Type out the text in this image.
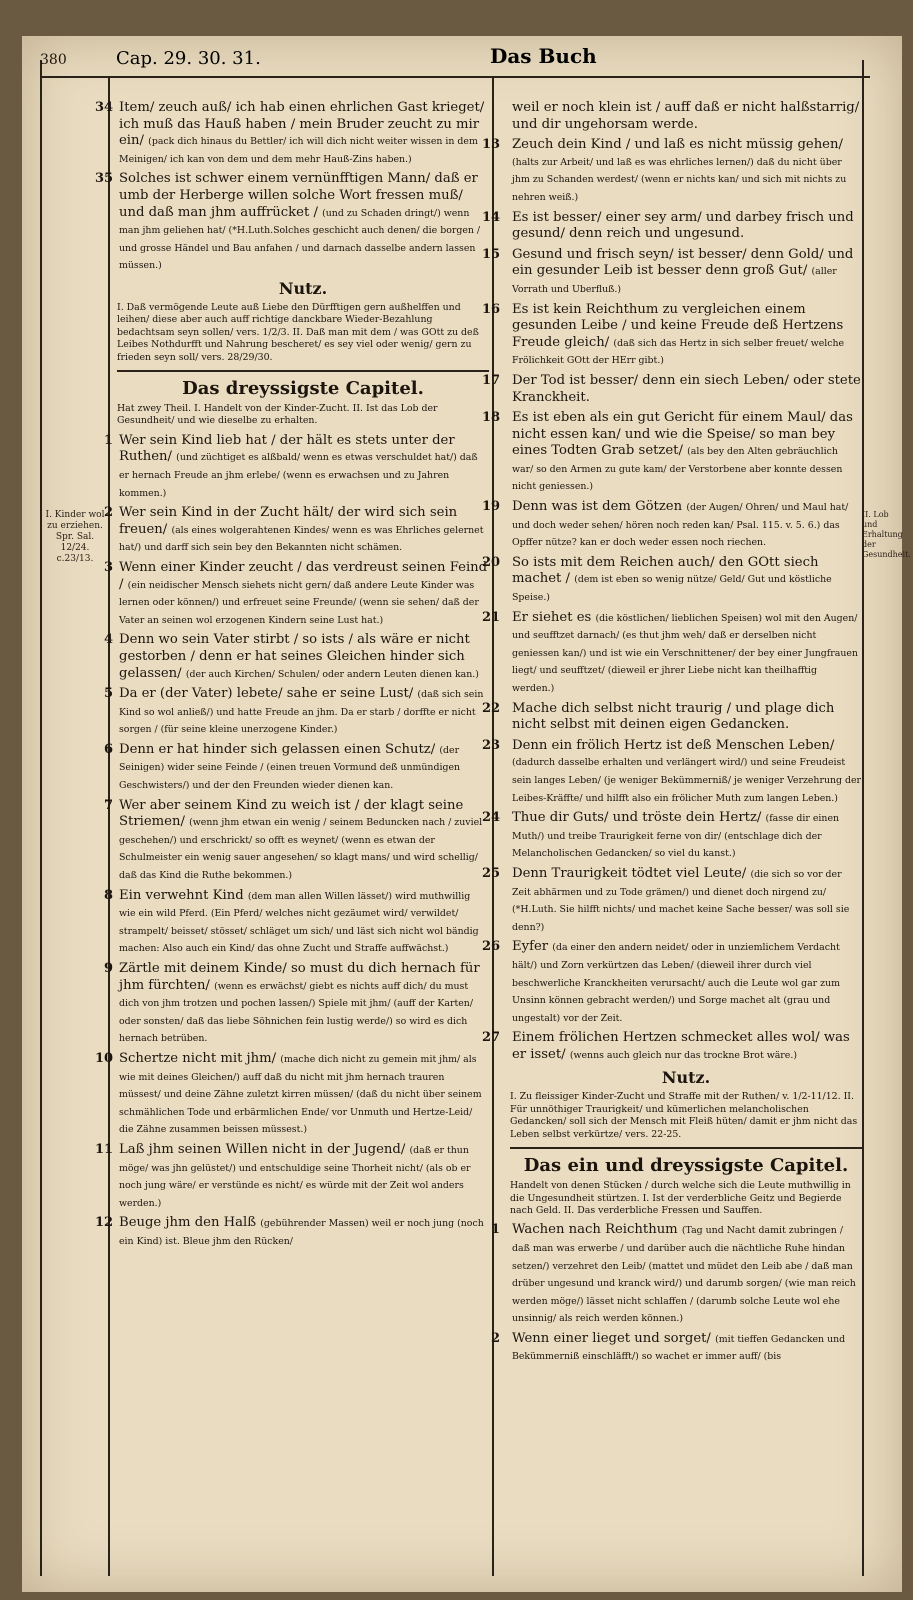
380	Cap. 29. 30. 31.	Das Buch
I. Kinder wol zu erziehen. Spr. Sal. 12/24. c.23/13.
II. Lob und Erhaltung der Gesundheit.
34 Item/ zeuch auß/ ich hab einen ehrlichen Gast krieget/ ich muß das Hauß haben / mein Bruder zeucht zu mir ein/ (pack dich hinaus du Bettler/ ich will dich nicht weiter wissen in dem Meinigen/ ich kan von dem und dem mehr Hauß-Zins haben.)
35 Solches ist schwer einem vernünfftigen Mann/ daß er umb der Herberge willen solche Wort fressen muß/ und daß man jhm auffrücket / (und zu Schaden dringt/) wenn man jhm geliehen hat/ (*H.Luth.Solches geschicht auch denen/ die borgen / und grosse Händel und Bau anfahen / und darnach dasselbe andern lassen müssen.)
Nutz.
I. Daß vermögende Leute auß Liebe den Dürfftigen gern außhelffen und leihen/ diese aber auch auff richtige danckbare Wieder-Bezahlung bedachtsam seyn sollen/ vers. 1/2/3. II. Daß man mit dem / was GOtt zu deß Leibes Nothdurfft und Nahrung bescheret/ es sey viel oder wenig/ gern zu frieden seyn soll/ vers. 28/29/30.
Das dreyssigste Capitel.
Hat zwey Theil. I. Handelt von der Kinder-Zucht. II. Ist das Lob der Gesundheit/ und wie dieselbe zu erhalten.
1 Wer sein Kind lieb hat / der hält es stets unter der Ruthen/ (und züchtiget es alßbald/ wenn es etwas verschuldet hat/) daß er hernach Freude an jhm erlebe/ (wenn es erwachsen und zu Jahren kommen.)
2 Wer sein Kind in der Zucht hält/ der wird sich sein freuen/ (als eines wolgerahtenen Kindes/ wenn es was Ehrliches gelernet hat/) und darff sich sein bey den Bekannten nicht schämen.
3 Wenn einer Kinder zeucht / das verdreust seinen Feind / (ein neidischer Mensch siehets nicht gern/ daß andere Leute Kinder was lernen oder können/) und erfreuet seine Freunde/ (wenn sie sehen/ daß der Vater an seinen wol erzogenen Kindern seine Lust hat.)
4 Denn wo sein Vater stirbt / so ists / als wäre er nicht gestorben / denn er hat seines Gleichen hinder sich gelassen/ (der auch Kirchen/ Schulen/ oder andern Leuten dienen kan.)
5 Da er (der Vater) lebete/ sahe er seine Lust/ (daß sich sein Kind so wol anließ/) und hatte Freude an jhm. Da er starb / dorffte er nicht sorgen / (für seine kleine unerzogene Kinder.)
6 Denn er hat hinder sich gelassen einen Schutz/ (der Seinigen) wider seine Feinde / (einen treuen Vormund deß unmündigen Geschwisters/) und der den Freunden wieder dienen kan.
7 Wer aber seinem Kind zu weich ist / der klagt seine Striemen/ (wenn jhm etwan ein wenig / seinem Beduncken nach / zuviel geschehen/) und erschrickt/ so offt es weynet/ (wenn es etwan der Schulmeister ein wenig sauer angesehen/ so klagt mans/ und wird schellig/ daß das Kind die Ruthe bekommen.)
8 Ein verwehnt Kind (dem man allen Willen lässet/) wird muthwillig wie ein wild Pferd. (Ein Pferd/ welches nicht gezäumet wird/ verwildet/ strampelt/ beisset/ stösset/ schläget um sich/ und läst sich nicht wol bändig machen: Also auch ein Kind/ das ohne Zucht und Straffe auffwächst.)
9 Zärtle mit deinem Kinde/ so must du dich hernach für jhm fürchten/ (wenn es erwächst/ giebt es nichts auff dich/ du must dich von jhm trotzen und pochen lassen/) Spiele mit jhm/ (auff der Karten/ oder sonsten/ daß das liebe Söhnichen fein lustig werde/) so wird es dich hernach betrüben.
10 Schertze nicht mit jhm/ (mache dich nicht zu gemein mit jhm/ als wie mit deines Gleichen/) auff daß du nicht mit jhm hernach trauren müssest/ und deine Zähne zuletzt kirren müssen/ (daß du nicht über seinem schmählichen Tode und erbärmlichen Ende/ vor Unmuth und Hertze-Leid/ die Zähne zusammen beissen müssest.)
11 Laß jhm seinen Willen nicht in der Jugend/ (daß er thun möge/ was jhn gelüstet/) und entschuldige seine Thorheit nicht/ (als ob er noch jung wäre/ er verstünde es nicht/ es würde mit der Zeit wol anders werden.)
12 Beuge jhm den Halß (gebührender Massen) weil er noch jung (noch ein Kind) ist. Bleue jhm den Rücken/
weil er noch klein ist / auff daß er nicht halßstarrig/ und dir ungehorsam werde.
13 Zeuch dein Kind / und laß es nicht müssig gehen/ (halts zur Arbeit/ und laß es was ehrliches lernen/) daß du nicht über jhm zu Schanden werdest/ (wenn er nichts kan/ und sich mit nichts zu nehren weiß.)
14 Es ist besser/ einer sey arm/ und darbey frisch und gesund/ denn reich und ungesund.
15 Gesund und frisch seyn/ ist besser/ denn Gold/ und ein gesunder Leib ist besser denn groß Gut/ (aller Vorrath und Uberfluß.)
16 Es ist kein Reichthum zu vergleichen einem gesunden Leibe / und keine Freude deß Hertzens Freude gleich/ (daß sich das Hertz in sich selber freuet/ welche Frölichkeit GOtt der HErr gibt.)
17 Der Tod ist besser/ denn ein siech Leben/ oder stete Kranckheit.
18 Es ist eben als ein gut Gericht für einem Maul/ das nicht essen kan/ und wie die Speise/ so man bey eines Todten Grab setzet/ (als bey den Alten gebräuchlich war/ so den Armen zu gute kam/ der Verstorbene aber konnte dessen nicht geniessen.)
19 Denn was ist dem Götzen (der Augen/ Ohren/ und Maul hat/ und doch weder sehen/ hören noch reden kan/ Psal. 115. v. 5. 6.) das Opffer nütze? kan er doch weder essen noch riechen.
20 So ists mit dem Reichen auch/ den GOtt siech machet / (dem ist eben so wenig nütze/ Geld/ Gut und köstliche Speise.)
21 Er siehet es (die köstlichen/ lieblichen Speisen) wol mit den Augen/ und seufftzet darnach/ (es thut jhm weh/ daß er derselben nicht geniessen kan/) und ist wie ein Verschnittener/ der bey einer Jungfrauen liegt/ und seufftzet/ (dieweil er jhrer Liebe nicht kan theilhafftig werden.)
22 Mache dich selbst nicht traurig / und plage dich nicht selbst mit deinen eigen Gedancken.
23 Denn ein frölich Hertz ist deß Menschen Leben/ (dadurch dasselbe erhalten und verlängert wird/) und seine Freudeist sein langes Leben/ (je weniger Bekümmerniß/ je weniger Verzehrung der Leibes-Kräffte/ und hilfft also ein frölicher Muth zum langen Leben.)
24 Thue dir Guts/ und tröste dein Hertz/ (fasse dir einen Muth/) und treibe Traurigkeit ferne von dir/ (entschlage dich der Melancholischen Gedancken/ so viel du kanst.)
25 Denn Traurigkeit tödtet viel Leute/ (die sich so vor der Zeit abhärmen und zu Tode grämen/) und dienet doch nirgend zu/ (*H.Luth. Sie hilfft nichts/ und machet keine Sache besser/ was soll sie denn?)
26 Eyfer (da einer den andern neidet/ oder in unziemlichem Verdacht hält/) und Zorn verkürtzen das Leben/ (dieweil ihrer durch viel beschwerliche Kranckheiten verursacht/ auch die Leute wol gar zum Unsinn können gebracht werden/) und Sorge machet alt (grau und ungestalt) vor der Zeit.
27 Einem frölichen Hertzen schmecket alles wol/ was er isset/ (wenns auch gleich nur das trockne Brot wäre.)
Nutz.
I. Zu fleissiger Kinder-Zucht und Straffe mit der Ruthen/ v. 1/2-11/12. II. Für unnöthiger Traurigkeit/ und kümerlichen melancholischen Gedancken/ soll sich der Mensch mit Fleiß hüten/ damit er jhm nicht das Leben selbst verkürtze/ vers. 22-25.
Das ein und dreyssigste Capitel.
Handelt von denen Stücken / durch welche sich die Leute muthwillig in die Ungesundheit stürtzen. I. Ist der verderbliche Geitz und Begierde nach Geld. II. Das verderbliche Fressen und Sauffen.
1 Wachen nach Reichthum (Tag und Nacht damit zubringen / daß man was erwerbe / und darüber auch die nächtliche Ruhe hindan setzen/) verzehret den Leib/ (mattet und müdet den Leib abe / daß man drüber ungesund und kranck wird/) und darumb sorgen/ (wie man reich werden möge/) lässet nicht schlaffen / (darumb solche Leute wol ehe unsinnig/ als reich werden können.)
2 Wenn einer lieget und sorget/ (mit tieffen Gedancken und Bekümmerniß einschläfft/) so wachet er immer auff/ (bis
